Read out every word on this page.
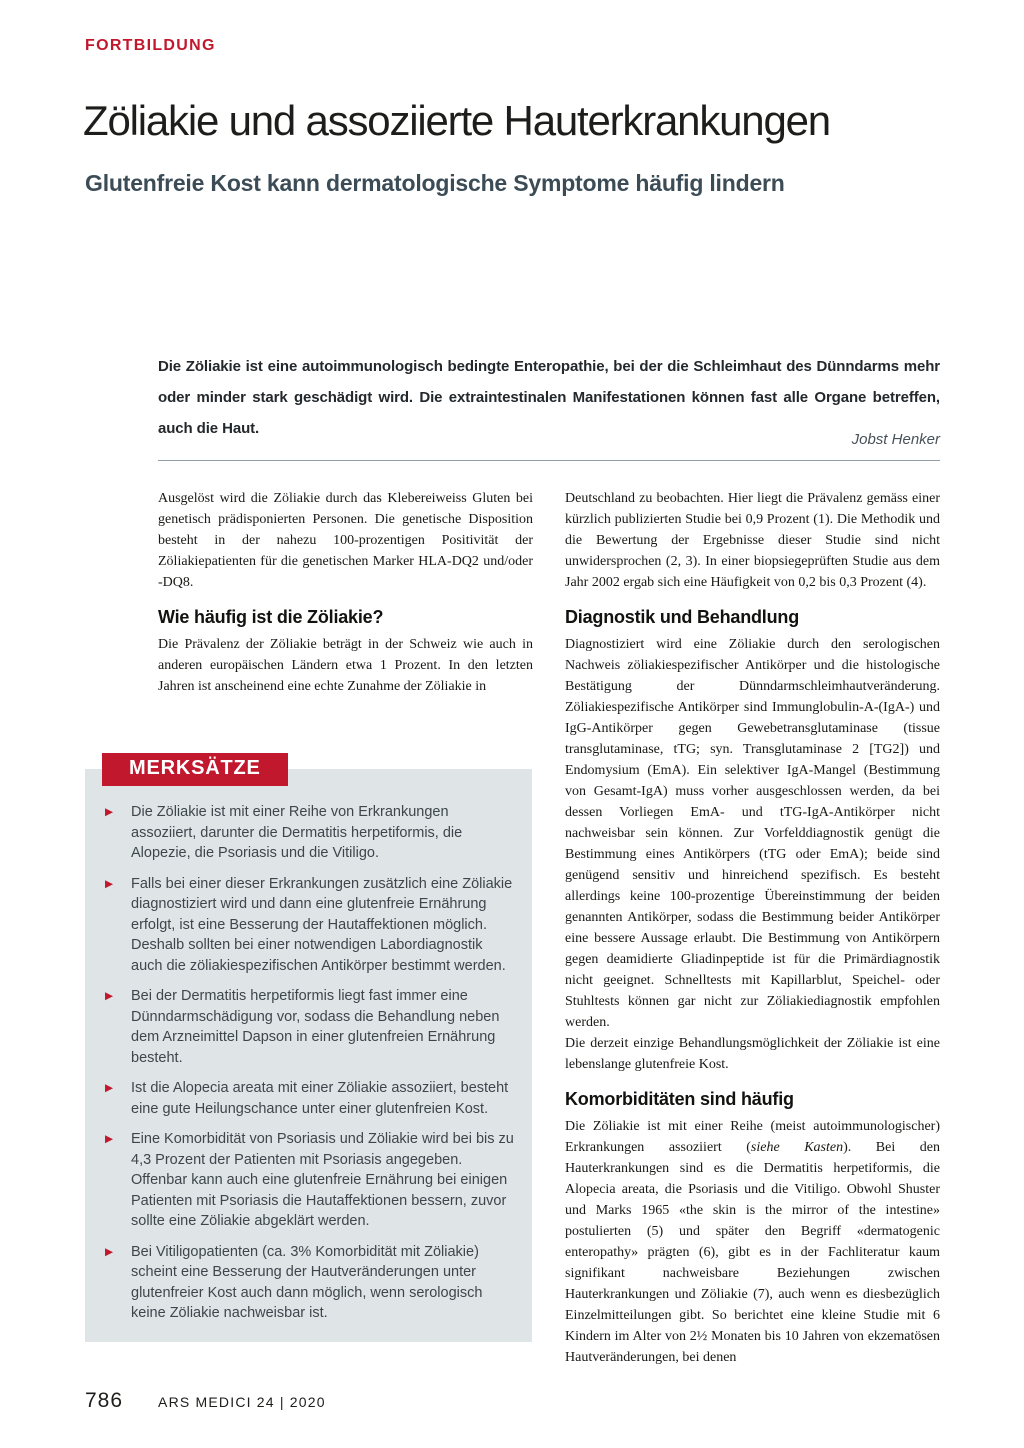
FORTBILDUNG
Zöliakie und assoziierte Hauterkrankungen
Glutenfreie Kost kann dermatologische Symptome häufig lindern

Die Zöliakie ist eine autoimmunologisch bedingte Enteropathie, bei der die Schleimhaut des Dünndarms mehr oder minder stark geschädigt wird. Die extraintestinalen Manifestationen können fast alle Organe betreffen, auch die Haut.

Jobst Henker

Ausgelöst wird die Zöliakie durch das Klebereiweiss Gluten bei genetisch prädisponierten Personen. Die genetische Disposition besteht in der nahezu 100-prozentigen Positivität der Zöliakiepatienten für die genetischen Marker HLA-DQ2 und/oder -DQ8.

Wie häufig ist die Zöliakie?

Die Prävalenz der Zöliakie beträgt in der Schweiz wie auch in anderen europäischen Ländern etwa 1 Prozent. In den letzten Jahren ist anscheinend eine echte Zunahme der Zöliakie in

Deutschland zu beobachten. Hier liegt die Prävalenz gemäss einer kürzlich publizierten Studie bei 0,9 Prozent (1). Die Methodik und die Bewertung der Ergebnisse dieser Studie sind nicht unwidersprochen (2, 3). In einer biopsiegeprüften Studie aus dem Jahr 2002 ergab sich eine Häufigkeit von 0,2 bis 0,3 Prozent (4).

Diagnostik und Behandlung

Diagnostiziert wird eine Zöliakie durch den serologischen Nachweis zöliakiespezifischer Antikörper und die histologische Bestätigung der Dünndarmschleimhautveränderung. Zöliakiespezifische Antikörper sind Immunglobulin-A-(IgA-) und IgG-Antikörper gegen Gewebetransglutaminase (tissue transglutaminase, tTG; syn. Transglutaminase 2 [TG2]) und Endomysium (EmA). Ein selektiver IgA-Mangel (Bestimmung von Gesamt-IgA) muss vorher ausgeschlossen werden, da bei dessen Vorliegen EmA- und tTG-IgA-Antikörper nicht nachweisbar sein können. Zur Vorfelddiagnostik genügt die Bestimmung eines Antikörpers (tTG oder EmA); beide sind genügend sensitiv und hinreichend spezifisch. Es besteht allerdings keine 100-prozentige Übereinstimmung der beiden genannten Antikörper, sodass die Bestimmung beider Antikörper eine bessere Aussage erlaubt. Die Bestimmung von Antikörpern gegen deamidierte Gliadinpeptide ist für die Primärdiagnostik nicht geeignet. Schnelltests mit Kapillarblut, Speichel- oder Stuhltests können gar nicht zur Zöliakiediagnostik empfohlen werden.

Die derzeit einzige Behandlungsmöglichkeit der Zöliakie ist eine lebenslange glutenfreie Kost.

Komorbiditäten sind häufig

Die Zöliakie ist mit einer Reihe (meist autoimmunologischer) Erkrankungen assoziiert (siehe Kasten). Bei den Hauterkrankungen sind es die Dermatitis herpetiformis, die Alopecia areata, die Psoriasis und die Vitiligo. Obwohl Shuster und Marks 1965 «the skin is the mirror of the intestine» postulierten (5) und später den Begriff «dermatogenic enteropathy» prägten (6), gibt es in der Fachliteratur kaum signifikant nachweisbare Beziehungen zwischen Hauterkrankungen und Zöliakie (7), auch wenn es diesbezüglich Einzelmitteilungen gibt. So berichtet eine kleine Studie mit 6 Kindern im Alter von 2½ Monaten bis 10 Jahren von ekzematösen Hautveränderungen, bei denen

MERKSÄTZE
▶	Die Zöliakie ist mit einer Reihe von Erkrankungen assoziiert, darunter die Dermatitis herpetiformis, die Alopezie, die Psoriasis und die Vitiligo.
▶	Falls bei einer dieser Erkrankungen zusätzlich eine Zöliakie diagnostiziert wird und dann eine glutenfreie Ernährung erfolgt, ist eine Besserung der Hautaffektionen möglich. Deshalb sollten bei einer notwendigen Labordiagnostik auch die zöliakiespezifischen Antikörper bestimmt werden.
▶	Bei der Dermatitis herpetiformis liegt fast immer eine Dünndarmschädigung vor, sodass die Behandlung neben dem Arzneimittel Dapson in einer glutenfreien Ernährung besteht.
▶	Ist die Alopecia areata mit einer Zöliakie assoziiert, besteht eine gute Heilungschance unter einer glutenfreien Kost.
▶	Eine Komorbidität von Psoriasis und Zöliakie wird bei bis zu 4,3 Prozent der Patienten mit Psoriasis angegeben. Offenbar kann auch eine glutenfreie Ernährung bei einigen Patienten mit Psoriasis die Hautaffektionen bessern, zuvor sollte eine Zöliakie abgeklärt werden.
▶	Bei Vitiligopatienten (ca. 3% Komorbidität mit Zöliakie) scheint eine Besserung der Hautveränderungen unter glutenfreier Kost auch dann möglich, wenn serologisch keine Zöliakie nachweisbar ist.
786	ARS MEDICI 24 | 2020
